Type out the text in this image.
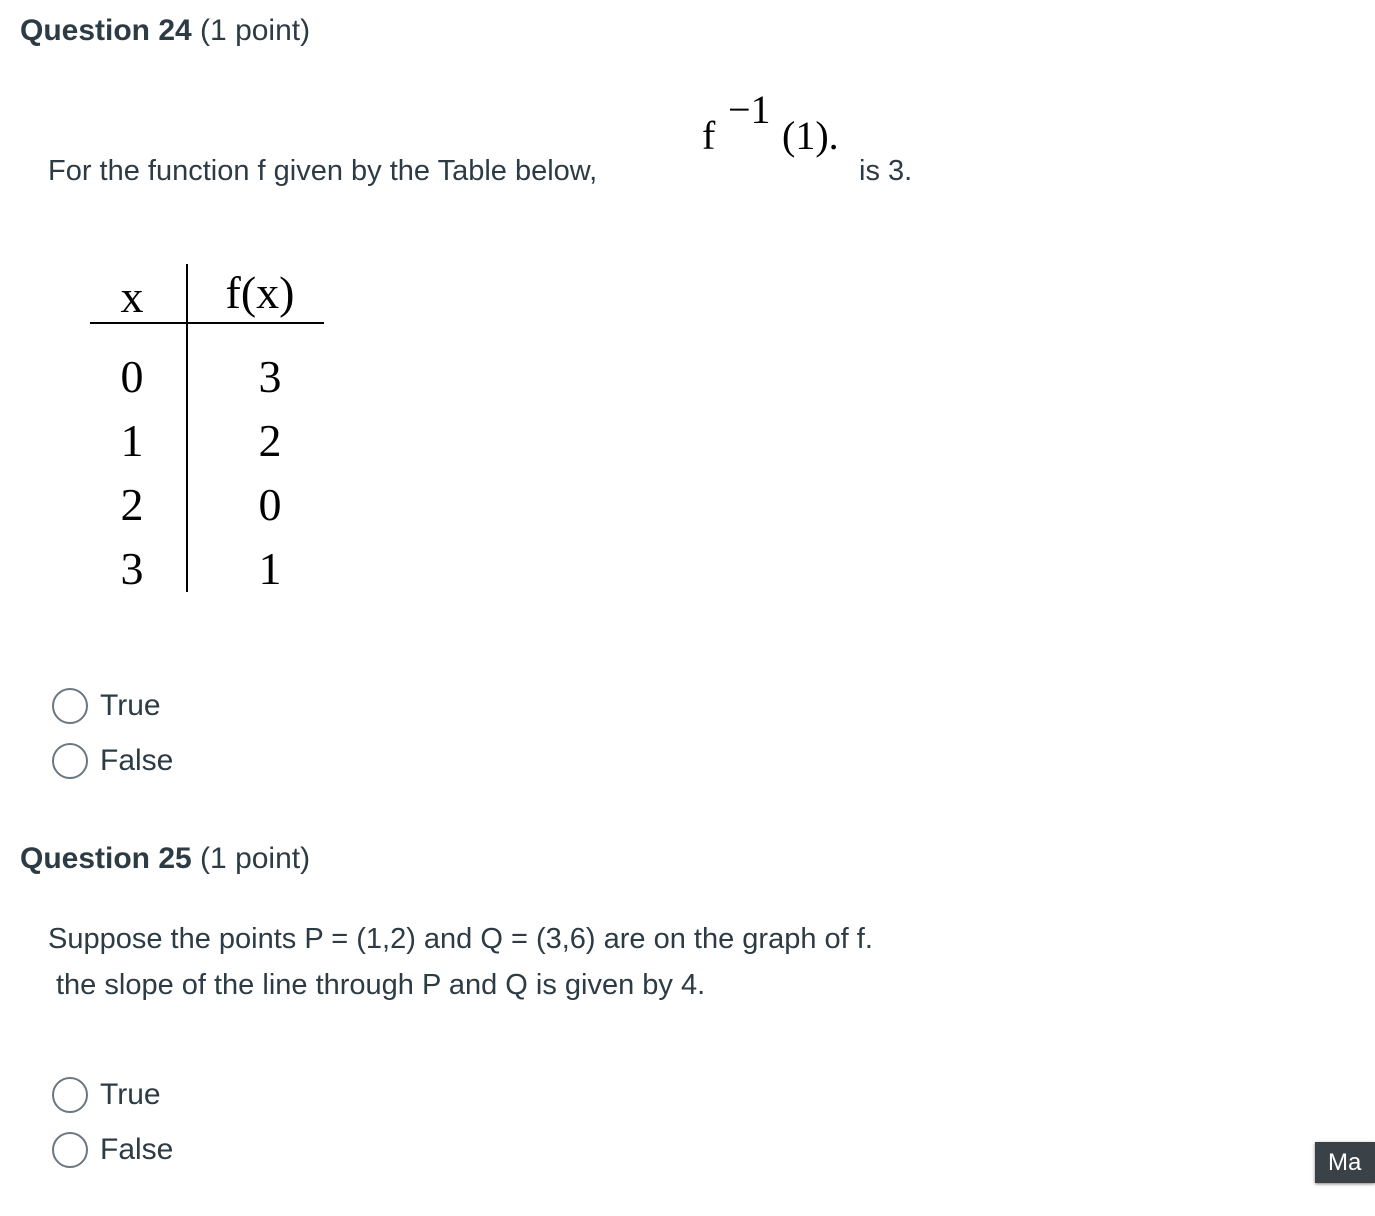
Question 24 (1 point)
For the function f given by the Table below,
f
−1
(1).
is 3.
x	f(x)
0	3
1	2
2	0
3	1
True
False
Question 25 (1 point)
Suppose the points P = (1,2) and Q = (3,6) are on the graph of f.
the slope of the line through P and Q is given by 4.
True
False	Ma
